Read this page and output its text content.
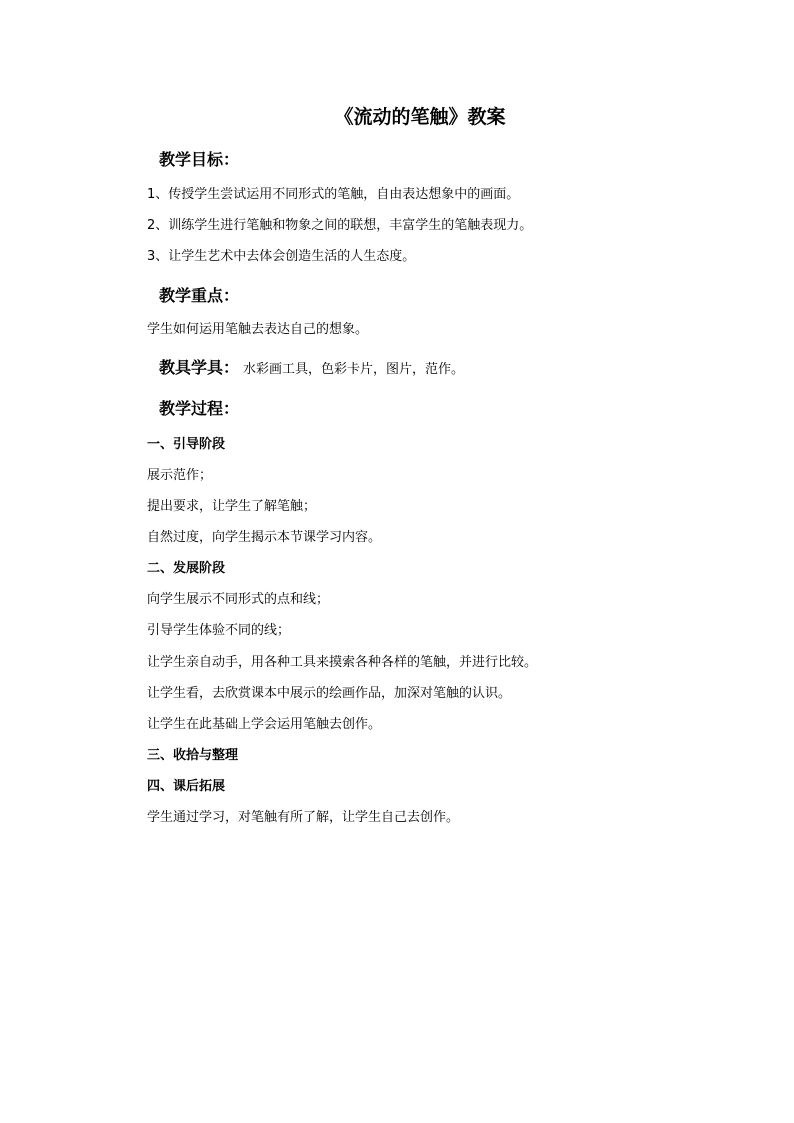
《流动的笔触》教案
教学目标：
1、传授学生尝试运用不同形式的笔触，自由表达想象中的画面。
2、训练学生进行笔触和物象之间的联想，丰富学生的笔触表现力。
3、让学生艺术中去体会创造生活的人生态度。
教学重点：
学生如何运用笔触去表达自己的想象。
教具学具： 水彩画工具，色彩卡片，图片，范作。
教学过程：
一、引导阶段
展示范作；
提出要求，让学生了解笔触；
自然过度，向学生揭示本节课学习内容。
二、发展阶段
向学生展示不同形式的点和线；
引导学生体验不同的线；
让学生亲自动手，用各种工具来摸索各种各样的笔触，并进行比较。
让学生看，去欣赏课本中展示的绘画作品，加深对笔触的认识。
让学生在此基础上学会运用笔触去创作。
三、收拾与整理
四、课后拓展
学生通过学习，对笔触有所了解，让学生自己去创作。
